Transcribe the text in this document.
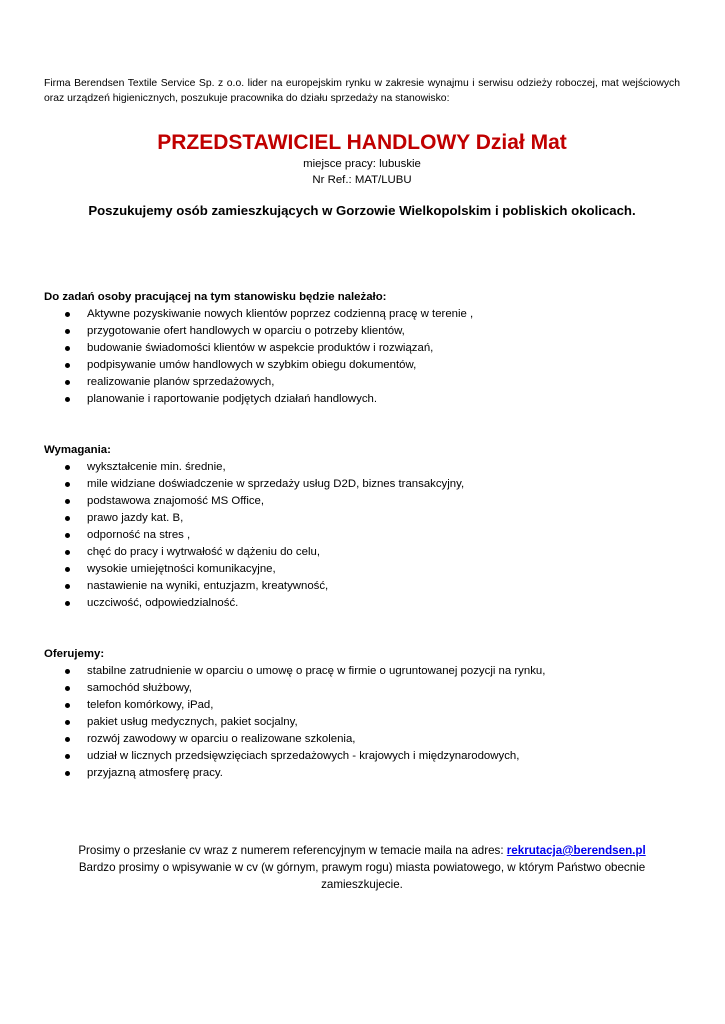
Firma Berendsen Textile Service Sp. z o.o. lider na europejskim rynku w zakresie wynajmu i serwisu odzieży roboczej, mat wejściowych oraz urządzeń higienicznych, poszukuje pracownika do działu sprzedaży na stanowisko:

PRZEDSTAWICIEL HANDLOWY Dział Mat

miejsce pracy: lubuskie

Nr Ref.: MAT/LUBU

Poszukujemy osób zamieszkujących w Gorzowie Wielkopolskim i pobliskich okolicach.

Do zadań osoby pracującej na tym stanowisku będzie należało:

Aktywne pozyskiwanie nowych klientów poprzez codzienną pracę w terenie ,
przygotowanie ofert handlowych w oparciu o potrzeby klientów,
budowanie świadomości klientów w aspekcie produktów i rozwiązań,
podpisywanie umów handlowych w szybkim obiegu dokumentów,
realizowanie planów sprzedażowych,
planowanie i raportowanie podjętych działań handlowych.

Wymagania:

wykształcenie min. średnie,
mile widziane doświadczenie w sprzedaży usług D2D, biznes transakcyjny,
podstawowa znajomość MS Office,
prawo jazdy kat. B,
odporność na stres ,
chęć do pracy i wytrwałość w dążeniu do celu,
wysokie umiejętności komunikacyjne,
nastawienie na wyniki, entuzjazm, kreatywność,
uczciwość, odpowiedzialność.

Oferujemy:

stabilne zatrudnienie w oparciu o umowę o pracę w firmie o ugruntowanej pozycji na rynku,
samochód służbowy,
telefon komórkowy, iPad,
pakiet usług medycznych, pakiet socjalny,
rozwój zawodowy w oparciu o realizowane szkolenia,
udział w licznych przedsięwzięciach sprzedażowych - krajowych i międzynarodowych,
przyjazną atmosferę pracy.

Prosimy o przesłanie cv wraz z numerem referencyjnym w temacie maila na adres: rekrutacja@berendsen.pl

Bardzo prosimy o wpisywanie w cv (w górnym, prawym rogu) miasta powiatowego, w którym Państwo obecnie zamieszkujecie.
